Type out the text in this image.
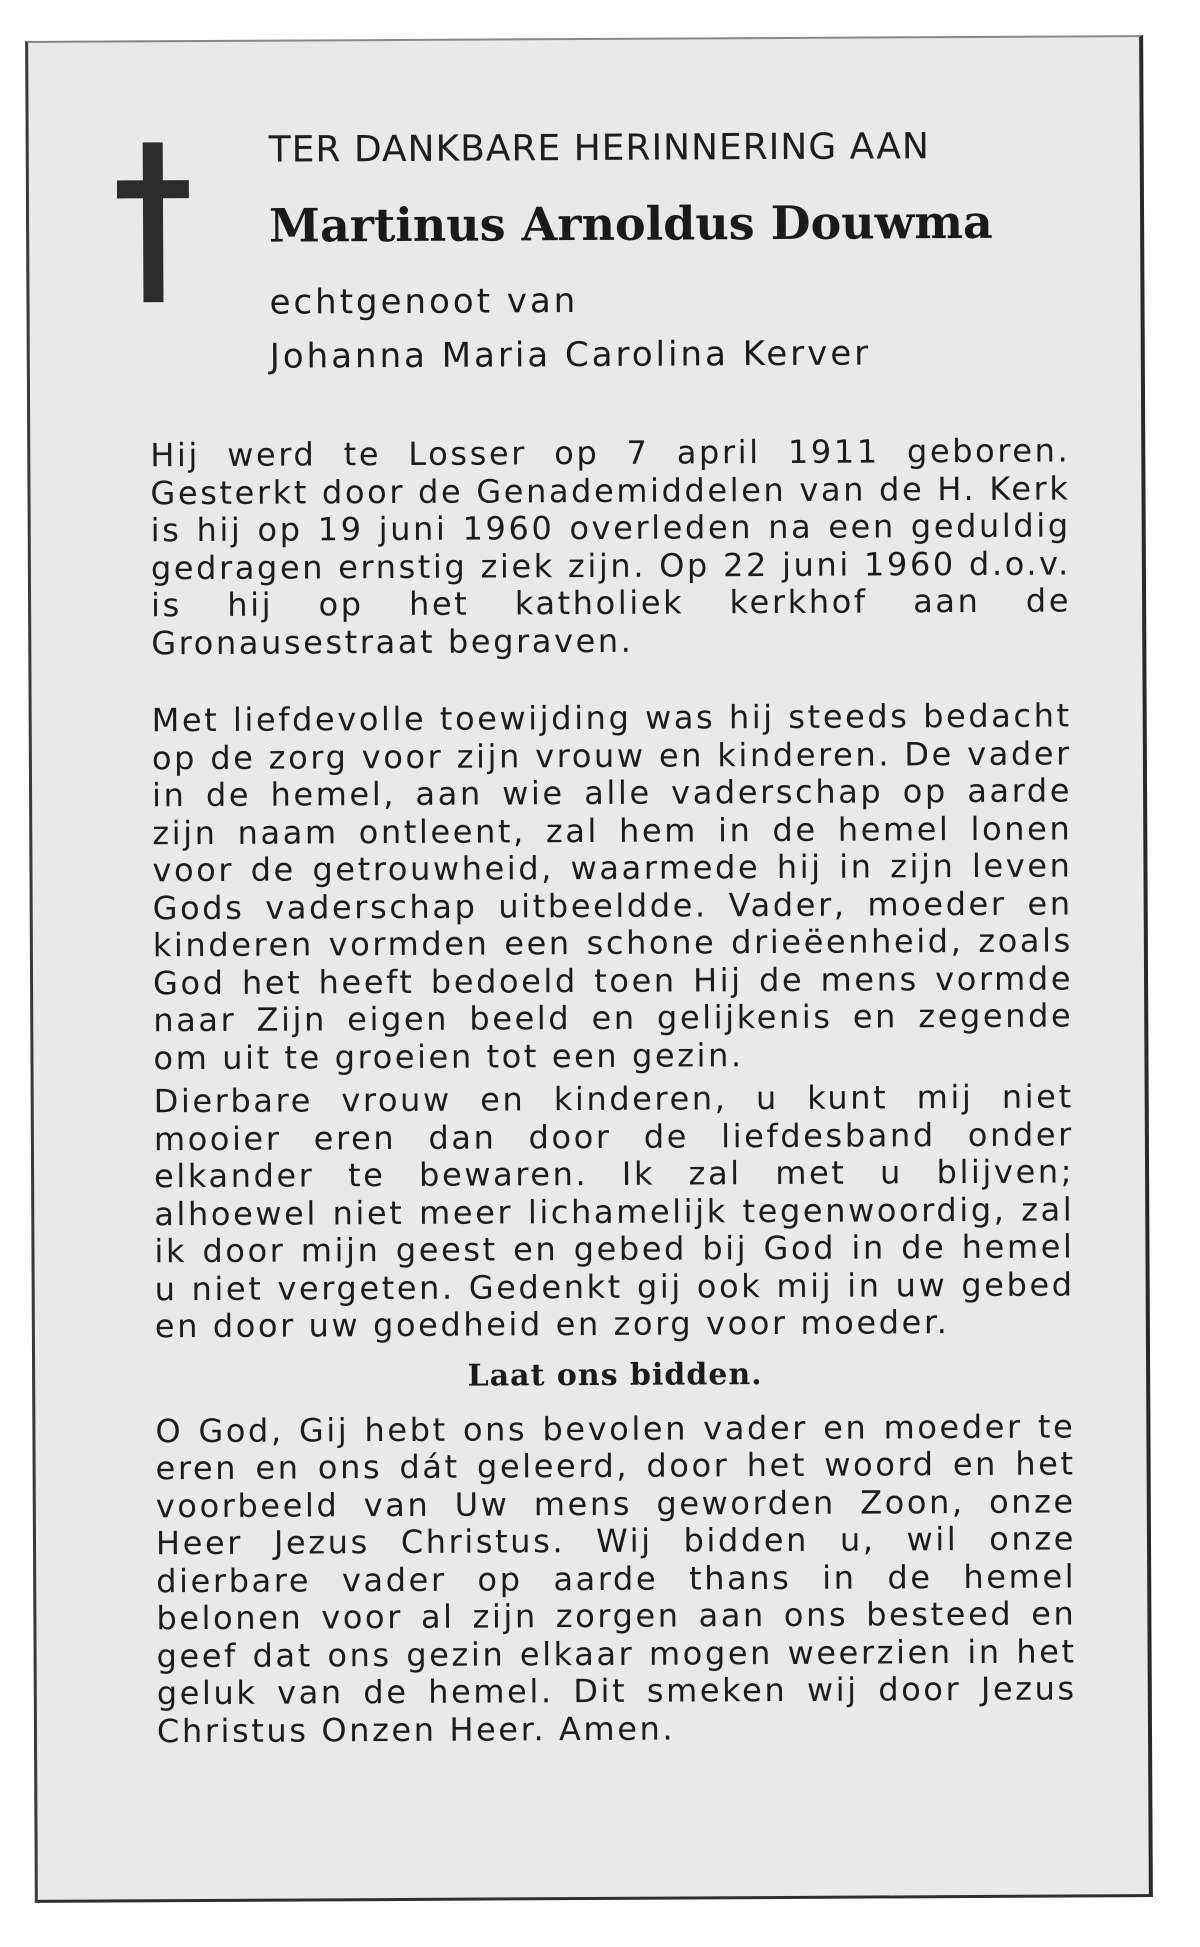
TER DANKBARE HERINNERING AAN

Martinus Arnoldus Douwma

echtgenoot van

Johanna Maria Carolina Kerver

Hij werd te Losser op 7 april 1911 geboren. Gesterkt door de Genademiddelen van de H. Kerk is hij op 19 juni 1960 overleden na een geduldig gedragen ernstig ziek zijn. Op 22 juni 1960 d.o.v. is hij op het katholiek kerkhof aan de Gronausestraat begraven.

Met liefdevolle toewijding was hij steeds bedacht op de zorg voor zijn vrouw en kinderen. De vader in de hemel, aan wie alle vaderschap op aarde zijn naam ontleent, zal hem in de hemel lonen voor de getrouwheid, waarmede hij in zijn leven Gods vaderschap uitbeeldde. Vader, moeder en kinderen vormden een schone drieëenheid, zoals God het heeft bedoeld toen Hij de mens vormde naar Zijn eigen beeld en gelijkenis en zegende om uit te groeien tot een gezin.

Dierbare vrouw en kinderen, u kunt mij niet mooier eren dan door de liefdesband onder elkander te bewaren. Ik zal met u blijven; alhoewel niet meer lichamelijk tegenwoordig, zal ik door mijn geest en gebed bij God in de hemel u niet vergeten. Gedenkt gij ook mij in uw gebed en door uw goedheid en zorg voor moeder.

Laat ons bidden.

O God, Gij hebt ons bevolen vader en moeder te eren en ons dát geleerd, door het woord en het voorbeeld van Uw mens geworden Zoon, onze Heer Jezus Christus. Wij bidden u, wil onze dierbare vader op aarde thans in de hemel belonen voor al zijn zorgen aan ons besteed en geef dat ons gezin elkaar mogen weerzien in het geluk van de hemel. Dit smeken wij door Jezus Christus Onzen Heer. Amen.
